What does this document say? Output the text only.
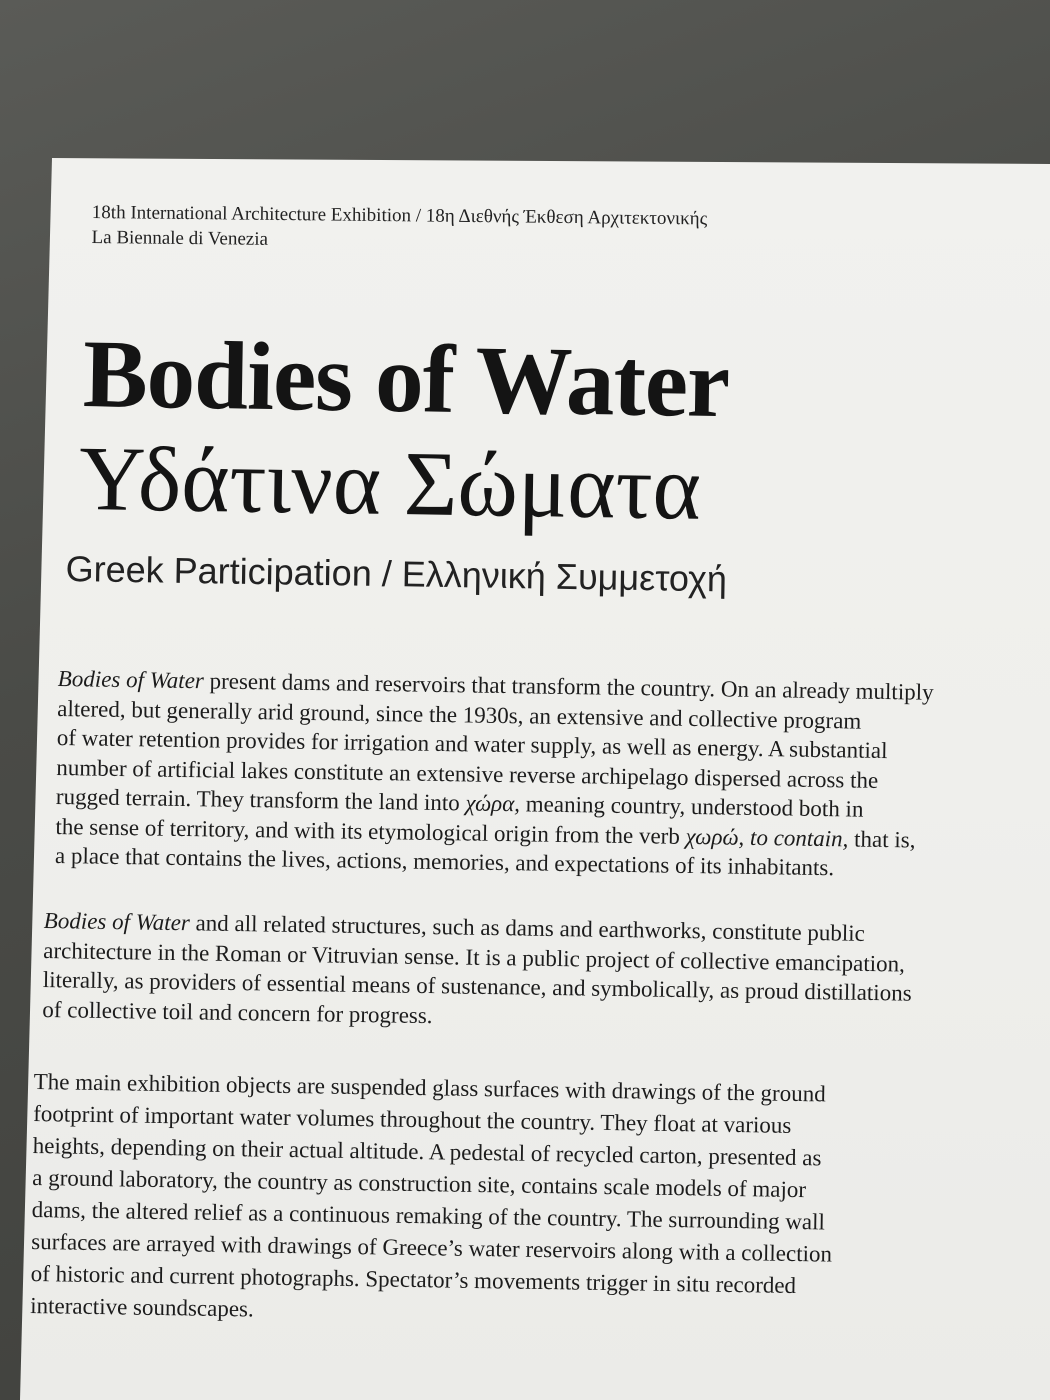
18th International Architecture Exhibition / 18η Διεθνής Έκθεση Αρχιτεκτονικής
La Biennale di Venezia
Bodies of Water
Υδάτινα Σώματα
Greek Participation / Ελληνική Συμμετοχή
Bodies of Water present dams and reservoirs that transform the country. On an already multiply
altered, but generally arid ground, since the 1930s, an extensive and collective program
of water retention provides for irrigation and water supply, as well as energy. A substantial
number of artificial lakes constitute an extensive reverse archipelago dispersed across the
rugged terrain. They transform the land into χώρα, meaning country, understood both in
the sense of territory, and with its etymological origin from the verb χωρώ, to contain, that is,
a place that contains the lives, actions, memories, and expectations of its inhabitants.
Bodies of Water and all related structures, such as dams and earthworks, constitute public
architecture in the Roman or Vitruvian sense. It is a public project of collective emancipation,
literally, as providers of essential means of sustenance, and symbolically, as proud distillations
of collective toil and concern for progress.
The main exhibition objects are suspended glass surfaces with drawings of the ground
footprint of important water volumes throughout the country. They float at various
heights, depending on their actual altitude. A pedestal of recycled carton, presented as
a ground laboratory, the country as construction site, contains scale models of major
dams, the altered relief as a continuous remaking of the country. The surrounding wall
surfaces are arrayed with drawings of Greece’s water reservoirs along with a collection
of historic and current photographs. Spectator’s movements trigger in situ recorded
interactive soundscapes.
